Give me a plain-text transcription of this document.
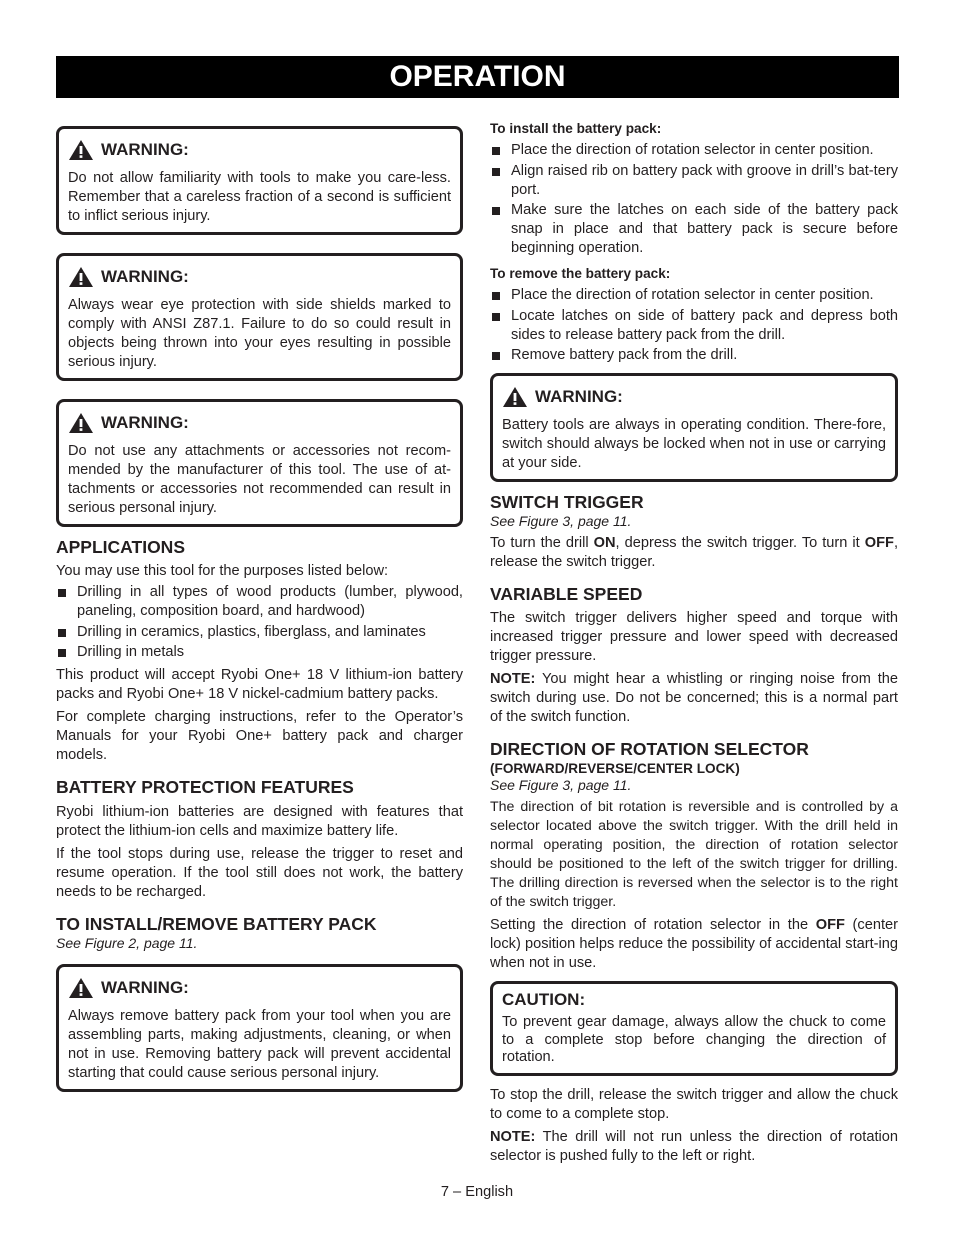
OPERATION
WARNING:

Do not allow familiarity with tools to make you care-less. Remember that a careless fraction of a second is sufficient to inflict serious injury.

WARNING:

Always wear eye protection with side shields marked to comply with ANSI Z87.1. Failure to do so could result in objects being thrown into your eyes resulting in possible serious injury.

WARNING:

Do not use any attachments or accessories not recom-mended by the manufacturer of this tool. The use of at-tachments or accessories not recommended can result in serious personal injury.

APPLICATIONS

You may use this tool for the purposes listed below:

Drilling in all types of wood products (lumber, plywood, paneling, composition board, and hardwood)
Drilling in ceramics, plastics, fiberglass, and laminates
Drilling in metals

This product will accept Ryobi One+ 18 V lithium-ion battery packs and Ryobi One+ 18 V nickel-cadmium battery packs.

For complete charging instructions, refer to the Operator’s Manuals for your Ryobi One+ battery pack and charger models.

BATTERY PROTECTION FEATURES

Ryobi lithium-ion batteries are designed with features that protect the lithium-ion cells and maximize battery life.

If the tool stops during use, release the trigger to reset and resume operation. If the tool still does not work, the battery needs to be recharged.

TO INSTALL/REMOVE BATTERY PACK
See Figure 2, page 11.
WARNING:

Always remove battery pack from your tool when you are assembling parts, making adjustments, cleaning, or when not in use. Removing battery pack will prevent accidental starting that could cause serious personal injury.

To install the battery pack:
Place the direction of rotation selector in center position.
Align raised rib on battery pack with groove in drill’s bat-tery port.
Make sure the latches on each side of the battery pack snap in place and that battery pack is secure before beginning operation.
To remove the battery pack:
Place the direction of rotation selector in center position.
Locate latches on side of battery pack and depress both sides to release battery pack from the drill.
Remove battery pack from the drill.
WARNING:

Battery tools are always in operating condition. There-fore, switch should always be locked when not in use or carrying at your side.

SWITCH TRIGGER
See Figure 3, page 11.

To turn the drill ON, depress the switch trigger. To turn it OFF, release the switch trigger.

VARIABLE SPEED

The switch trigger delivers higher speed and torque with increased trigger pressure and lower speed with decreased trigger pressure.

NOTE: You might hear a whistling or ringing noise from the switch during use. Do not be concerned; this is a normal part of the switch function.

DIRECTION OF ROTATION SELECTOR
(FORWARD/REVERSE/CENTER LOCK)
See Figure 3, page 11.

The direction of bit rotation is reversible and is controlled by a selector located above the switch trigger. With the drill held in normal operating position, the direction of rotation selector should be positioned to the left of the switch trigger for drilling. The drilling direction is reversed when the selector is to the right of the switch trigger.

Setting the direction of rotation selector in the OFF (center lock) position helps reduce the possibility of accidental start-ing when not in use.

CAUTION:

To prevent gear damage, always allow the chuck to come to a complete stop before changing the direction of rotation.

To stop the drill, release the switch trigger and allow the chuck to come to a complete stop.

NOTE: The drill will not run unless the direction of rotation selector is pushed fully to the left or right.

7 – English
